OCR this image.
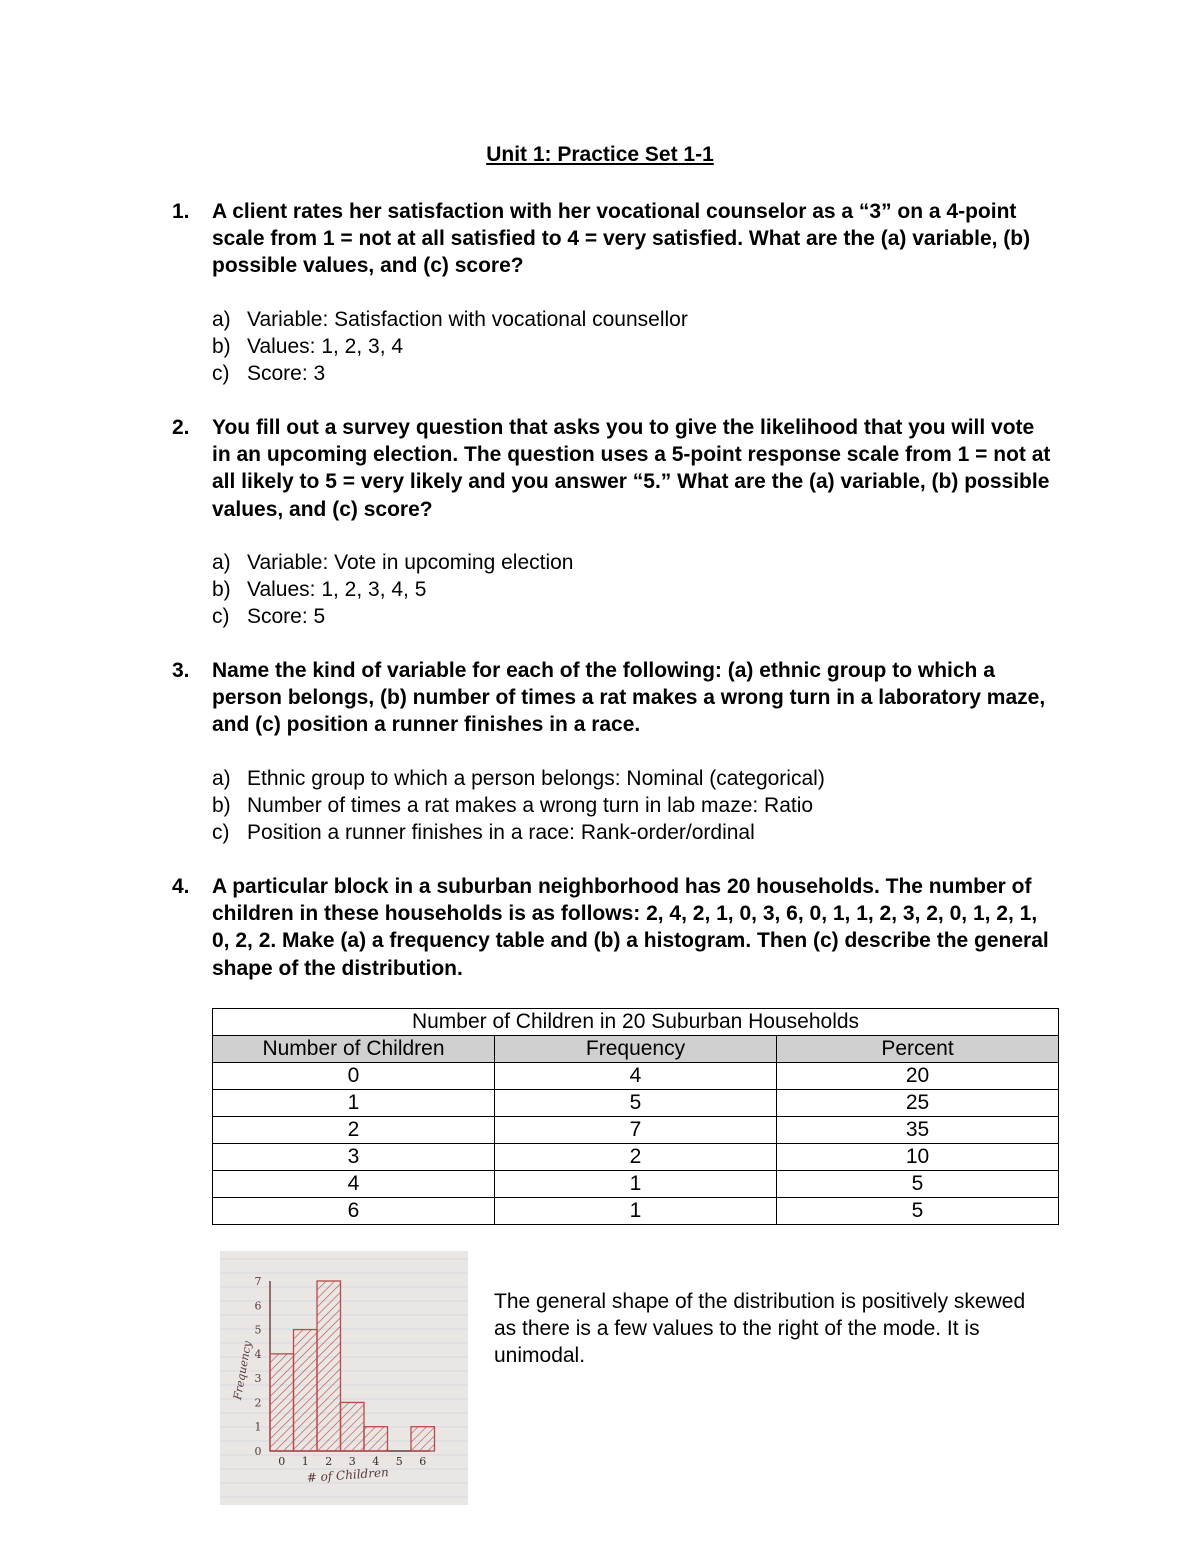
Unit 1: Practice Set 1-1
1. A client rates her satisfaction with her vocational counselor as a “3” on a 4-point scale from 1 = not at all satisfied to 4 = very satisfied. What are the (a) variable, (b) possible values, and (c) score?
a) Variable: Satisfaction with vocational counsellor
b) Values: 1, 2, 3, 4
c) Score: 3
2. You fill out a survey question that asks you to give the likelihood that you will vote in an upcoming election. The question uses a 5-point response scale from 1 = not at all likely to 5 = very likely and you answer “5.” What are the (a) variable, (b) possible values, and (c) score?
a) Variable: Vote in upcoming election
b) Values: 1, 2, 3, 4, 5
c) Score: 5
3. Name the kind of variable for each of the following: (a) ethnic group to which a person belongs, (b) number of times a rat makes a wrong turn in a laboratory maze, and (c) position a runner finishes in a race.
a) Ethnic group to which a person belongs: Nominal (categorical)
b) Number of times a rat makes a wrong turn in lab maze: Ratio
c) Position a runner finishes in a race: Rank-order/ordinal
4. A particular block in a suburban neighborhood has 20 households. The number of children in these households is as follows: 2, 4, 2, 1, 0, 3, 6, 0, 1, 1, 2, 3, 2, 0, 1, 2, 1, 0, 2, 2. Make (a) a frequency table and (b) a histogram. Then (c) describe the general shape of the distribution.
Number of Children in 20 Suburban Households		
Number of Children	Frequency	Percent
0	4	20
1	5	25
2	7	35
3	2	10
4	1	5
6	1	5
0
1
2
3
4
5
6
7
0 1 2 3 4 5 6
Frequency
# of Children
The general shape of the distribution is positively skewed as there is a few values to the right of the mode. It is unimodal.
